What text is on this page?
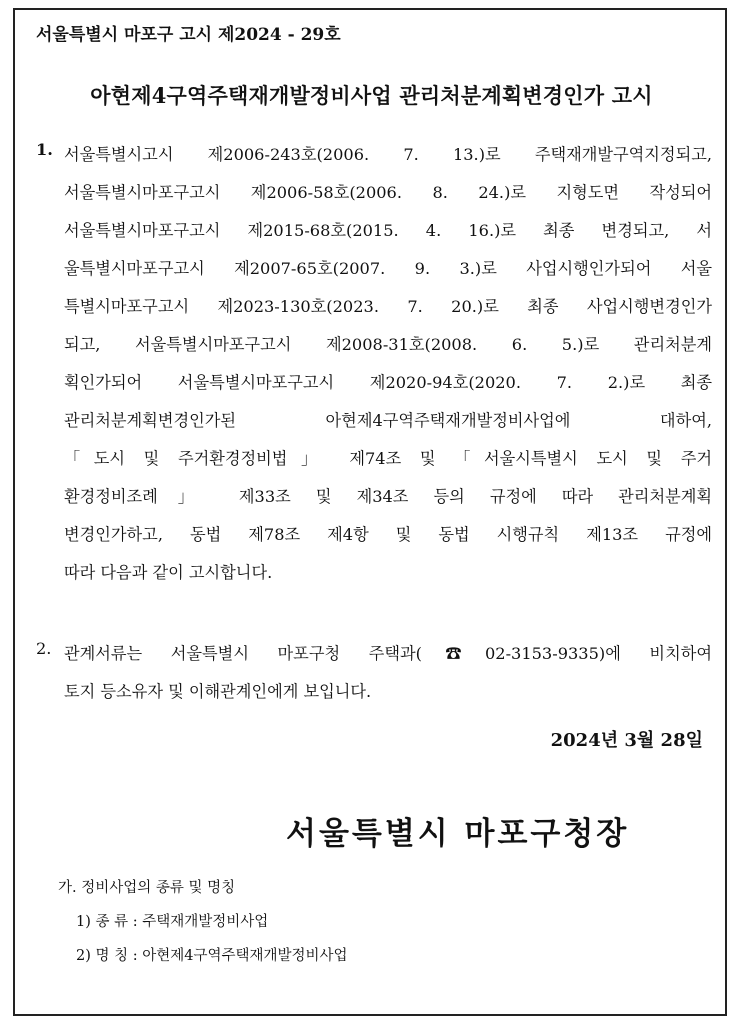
서울특별시 마포구 고시 제2024 - 29호
아현제4구역주택재개발정비사업 관리처분계획변경인가 고시
1. 서울특별시고시 제2006-243호(2006. 7. 13.)로 주택재개발구역지정되고,
서울특별시마포구고시 제2006-58호(2006. 8. 24.)로 지형도면 작성되어
서울특별시마포구고시 제2015-68호(2015. 4. 16.)로 최종 변경되고, 서
울특별시마포구고시 제2007-65호(2007. 9. 3.)로 사업시행인가되어 서울
특별시마포구고시 제2023-130호(2023. 7. 20.)로 최종 사업시행변경인가
되고, 서울특별시마포구고시 제2008-31호(2008. 6. 5.)로 관리처분계
획인가되어 서울특별시마포구고시 제2020-94호(2020. 7. 2.)로 최종
관리처분계획변경인가된 아현제4구역주택재개발정비사업에 대하여,
「도시 및 주거환경정비법」 제74조 및 「서울시특별시 도시 및 주거
환경정비조례」 제33조 및 제34조 등의 규정에 따라 관리처분계획
변경인가하고, 동법 제78조 제4항 및 동법 시행규칙 제13조 규정에
따라 다음과 같이 고시합니다.
2. 관계서류는 서울특별시 마포구청 주택과(☎02-3153-9335)에 비치하여
토지 등소유자 및 이해관계인에게 보입니다.
2024년 3월 28일
서울특별시 마포구청장
가. 정비사업의 종류 및 명칭
1) 종 류 : 주택재개발정비사업
2) 명 칭 : 아현제4구역주택재개발정비사업
